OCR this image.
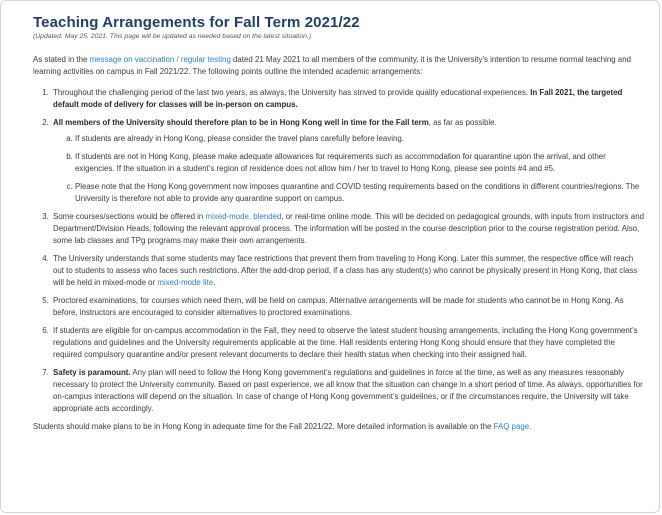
Teaching Arrangements for Fall Term 2021/22
(Updated: May 25, 2021. This page will be updated as needed based on the latest situation.)

As stated in the message on vaccination / regular testing dated 21 May 2021 to all members of the community, it is the University’s intention to resume normal teaching and learning activities on campus in Fall 2021/22. The following points outline the intended academic arrangements:

1. Throughout the challenging period of the last two years, as always, the University has strived to provide quality educational experiences. In Fall 2021, the targeted default mode of delivery for classes will be in-person on campus.
2. All members of the University should therefore plan to be in Hong Kong well in time for the Fall term, as far as possible.
a. If students are already in Hong Kong, please consider the travel plans carefully before leaving.
b. If students are not in Hong Kong, please make adequate allowances for requirements such as accommodation for quarantine upon the arrival, and other exigencies. If the situation in a student’s region of residence does not allow him / her to travel to Hong Kong, please see points #4 and #5.
c. Please note that the Hong Kong government now imposes quarantine and COVID testing requirements based on the conditions in different countries/regions. The University is therefore not able to provide any quarantine support on campus.
3. Some courses/sections would be offered in mixed-mode, blended, or real-time online mode. This will be decided on pedagogical grounds, with inputs from instructors and Department/Division Heads, following the relevant approval process. The information will be posted in the course description prior to the course registration period. Also, some lab classes and TPg programs may make their own arrangements.
4. The University understands that some students may face restrictions that prevent them from traveling to Hong Kong. Later this summer, the respective office will reach out to students to assess who faces such restrictions. After the add-drop period, if a class has any student(s) who cannot be physically present in Hong Kong, that class will be held in mixed-mode or mixed-mode lite.
5. Proctored examinations, for courses which need them, will be held on campus. Alternative arrangements will be made for students who cannot be in Hong Kong. As before, instructors are encouraged to consider alternatives to proctored examinations.
6. If students are eligible for on-campus accommodation in the Fall, they need to observe the latest student housing arrangements, including the Hong Kong government’s regulations and guidelines and the University requirements applicable at the time. Hall residents entering Hong Kong should ensure that they have completed the required compulsory quarantine and/or present relevant documents to declare their health status when checking into their assigned hall.
7. Safety is paramount. Any plan will need to follow the Hong Kong government’s regulations and guidelines in force at the time, as well as any measures reasonably necessary to protect the University community. Based on past experience, we all know that the situation can change in a short period of time. As always, opportunities for on-campus interactions will depend on the situation. In case of change of Hong Kong government’s guidelines, or if the circumstances require, the University will take appropriate acts accordingly.

Students should make plans to be in Hong Kong in adequate time for the Fall 2021/22. More detailed information is available on the FAQ page.
